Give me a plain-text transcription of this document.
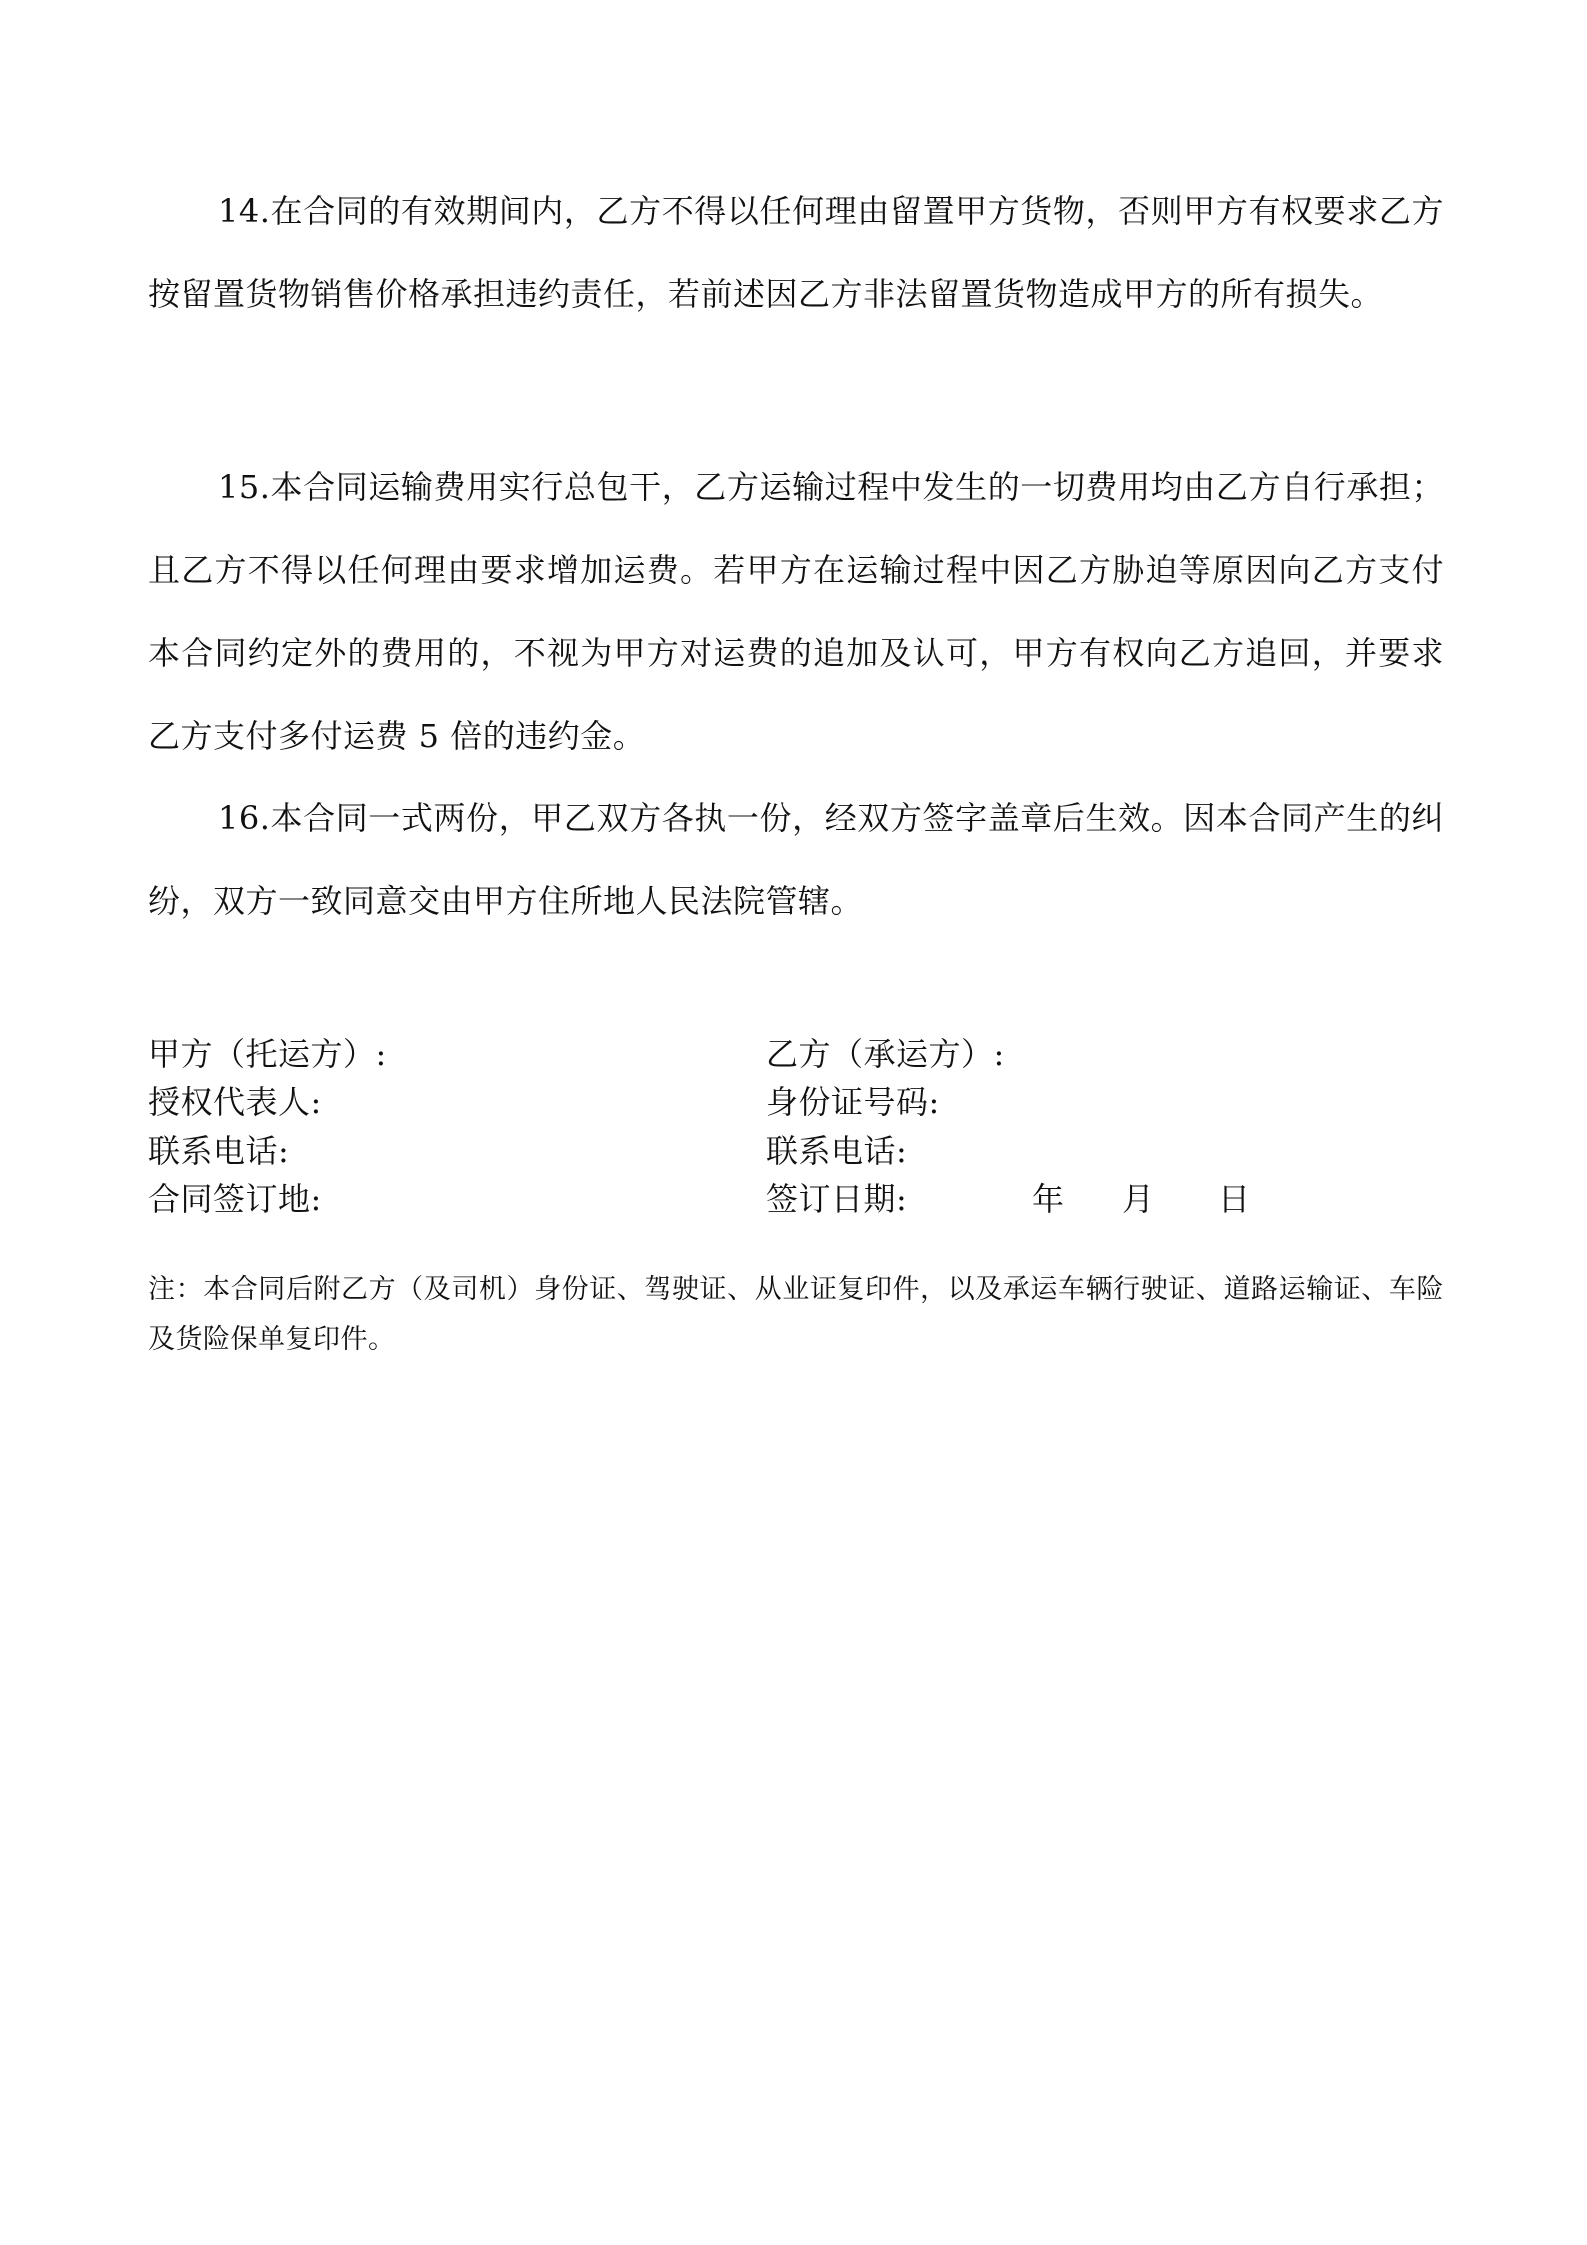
14.在合同的有效期间内，乙方不得以任何理由留置甲方货物，否则甲方有权要求乙方按留置货物销售价格承担违约责任，若前述因乙方非法留置货物造成甲方的所有损失。

15.本合同运输费用实行总包干，乙方运输过程中发生的一切费用均由乙方自行承担；且乙方不得以任何理由要求增加运费。若甲方在运输过程中因乙方胁迫等原因向乙方支付本合同约定外的费用的，不视为甲方对运费的追加及认可，甲方有权向乙方追回，并要求乙方支付多付运费 5 倍的违约金。

16.本合同一式两份，甲乙双方各执一份，经双方签字盖章后生效。因本合同产生的纠纷，双方一致同意交由甲方住所地人民法院管辖。

甲方（托运方）:
授权代表人:
联系电话:
合同签订地:
乙方（承运方）:
身份证号码:
联系电话:
签订日期:	年 月 日

注：本合同后附乙方（及司机）身份证、驾驶证、从业证复印件，以及承运车辆行驶证、道路运输证、车险及货险保单复印件。
